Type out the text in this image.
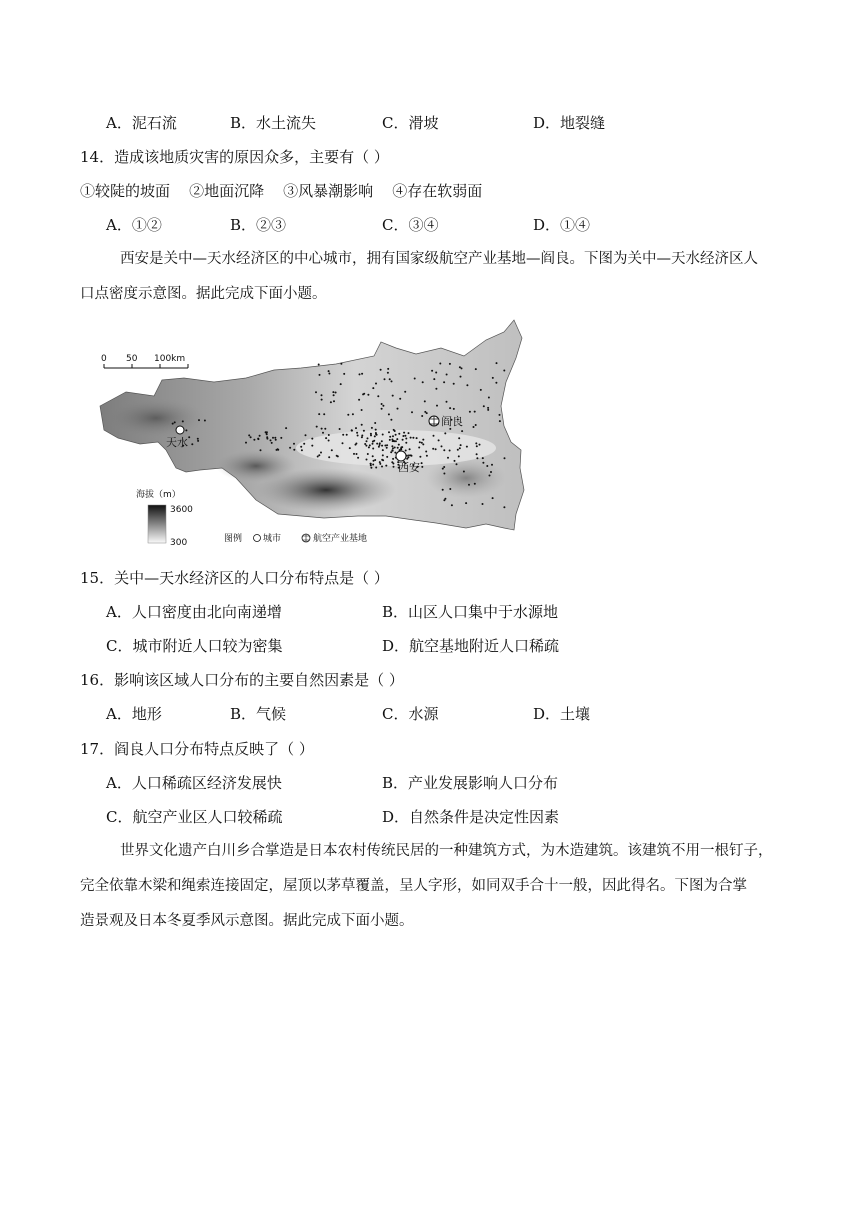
A．泥石流	B．水土流失	C．滑坡	D．地裂缝
14．造成该地质灾害的原因众多，主要有（ ）
①较陡的坡面    ②地面沉降    ③风暴潮影响    ④存在软弱面
A．①②	B．②③	C．③④	D．①④
西安是关中—天水经济区的中心城市，拥有国家级航空产业基地—阎良。下图为关中—天水经济区人
口点密度示意图。据此完成下面小题。
0 50 100km
天水
西安
阎良
海拔（m）
3600
300	图例 城市	航空产业基地
15．关中—天水经济区的人口分布特点是（ ）
A．人口密度由北向南递增	B．山区人口集中于水源地
C．城市附近人口较为密集	D．航空基地附近人口稀疏
16．影响该区域人口分布的主要自然因素是（ ）
A．地形	B．气候	C．水源	D．土壤
17．阎良人口分布特点反映了（ ）
A．人口稀疏区经济发展快	B．产业发展影响人口分布
C．航空产业区人口较稀疏	D．自然条件是决定性因素
世界文化遗产白川乡合掌造是日本农村传统民居的一种建筑方式，为木造建筑。该建筑不用一根钉子，
完全依靠木梁和绳索连接固定，屋顶以茅草覆盖，呈人字形，如同双手合十一般，因此得名。下图为合掌
造景观及日本冬夏季风示意图。据此完成下面小题。
